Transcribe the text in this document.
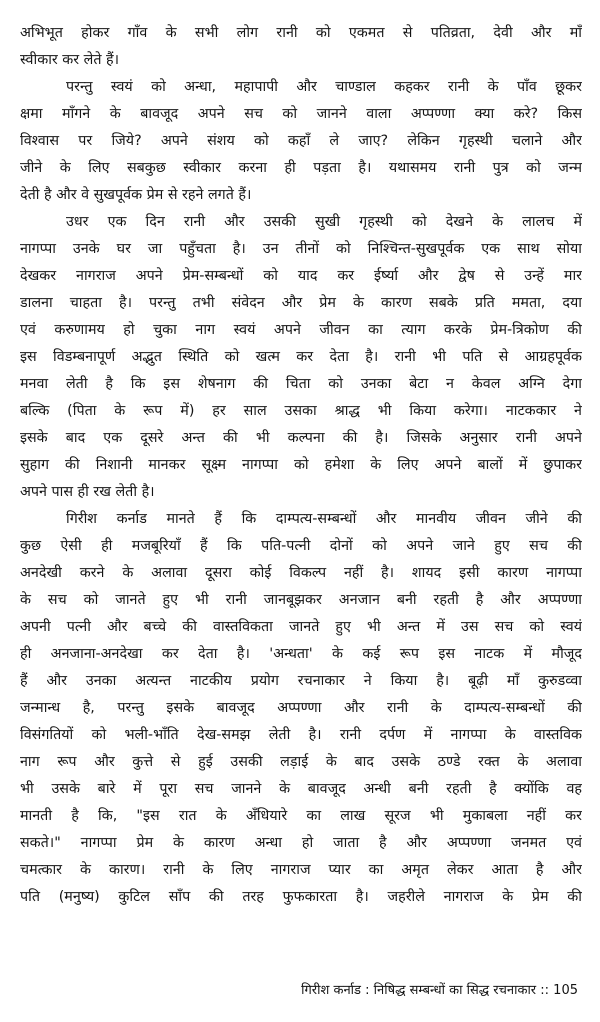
अभिभूत होकर गाँव के सभी लोग रानी को एकमत से पतिव्रता, देवी और माँ
स्वीकार कर लेते हैं।
परन्तु स्वयं को अन्धा, महापापी और चाण्डाल कहकर रानी के पाँव छूकर
क्षमा माँगने के बावजूद अपने सच को जानने वाला अप्पण्णा क्या करे? किस
विश्वास पर जिये? अपने संशय को कहाँ ले जाए? लेकिन गृहस्थी चलाने और
जीने के लिए सबकुछ स्वीकार करना ही पड़ता है। यथासमय रानी पुत्र को जन्म
देती है और वे सुखपूर्वक प्रेम से रहने लगते हैं।
उधर एक दिन रानी और उसकी सुखी गृहस्थी को देखने के लालच में
नागप्पा उनके घर जा पहुँचता है। उन तीनों को निश्चिन्त-सुखपूर्वक एक साथ सोया
देखकर नागराज अपने प्रेम-सम्बन्धों को याद कर ईर्ष्या और द्वेष से उन्हें मार
डालना चाहता है। परन्तु तभी संवेदन और प्रेम के कारण सबके प्रति ममता, दया
एवं करुणामय हो चुका नाग स्वयं अपने जीवन का त्याग करके प्रेम-त्रिकोण की
इस विडम्बनापूर्ण अद्भुत स्थिति को खत्म कर देता है। रानी भी पति से आग्रहपूर्वक
मनवा लेती है कि इस शेषनाग की चिता को उनका बेटा न केवल अग्नि देगा
बल्कि (पिता के रूप में) हर साल उसका श्राद्ध भी किया करेगा। नाटककार ने
इसके बाद एक दूसरे अन्त की भी कल्पना की है। जिसके अनुसार रानी अपने
सुहाग की निशानी मानकर सूक्ष्म नागप्पा को हमेशा के लिए अपने बालों में छुपाकर
अपने पास ही रख लेती है।
गिरीश कर्नाड मानते हैं कि दाम्पत्य-सम्बन्धों और मानवीय जीवन जीने की
कुछ ऐसी ही मजबूरियाँ हैं कि पति-पत्नी दोनों को अपने जाने हुए सच की
अनदेखी करने के अलावा दूसरा कोई विकल्प नहीं है। शायद इसी कारण नागप्पा
के सच को जानते हुए भी रानी जानबूझकर अनजान बनी रहती है और अप्पण्णा
अपनी पत्नी और बच्चे की वास्तविकता जानते हुए भी अन्त में उस सच को स्वयं
ही अनजाना-अनदेखा कर देता है। 'अन्धता' के कई रूप इस नाटक में मौजूद
हैं और उनका अत्यन्त नाटकीय प्रयोग रचनाकार ने किया है। बूढ़ी माँ कुरुडव्वा
जन्मान्ध है, परन्तु इसके बावजूद अप्पण्णा और रानी के दाम्पत्य-सम्बन्धों की
विसंगतियों को भली-भाँति देख-समझ लेती है। रानी दर्पण में नागप्पा के वास्तविक
नाग रूप और कुत्ते से हुई उसकी लड़ाई के बाद उसके ठण्डे रक्त के अलावा
भी उसके बारे में पूरा सच जानने के बावजूद अन्धी बनी रहती है क्योंकि वह
मानती है कि, "इस रात के अँधियारे का लाख सूरज भी मुकाबला नहीं कर
सकते।" नागप्पा प्रेम के कारण अन्धा हो जाता है और अप्पण्णा जनमत एवं
चमत्कार के कारण। रानी के लिए नागराज प्यार का अमृत लेकर आता है और
पति (मनुष्य) कुटिल साँप की तरह फुफकारता है। जहरीले नागराज के प्रेम की
गिरीश कर्नाड : निषिद्ध सम्बन्धों का सिद्ध रचनाकार :: 105
